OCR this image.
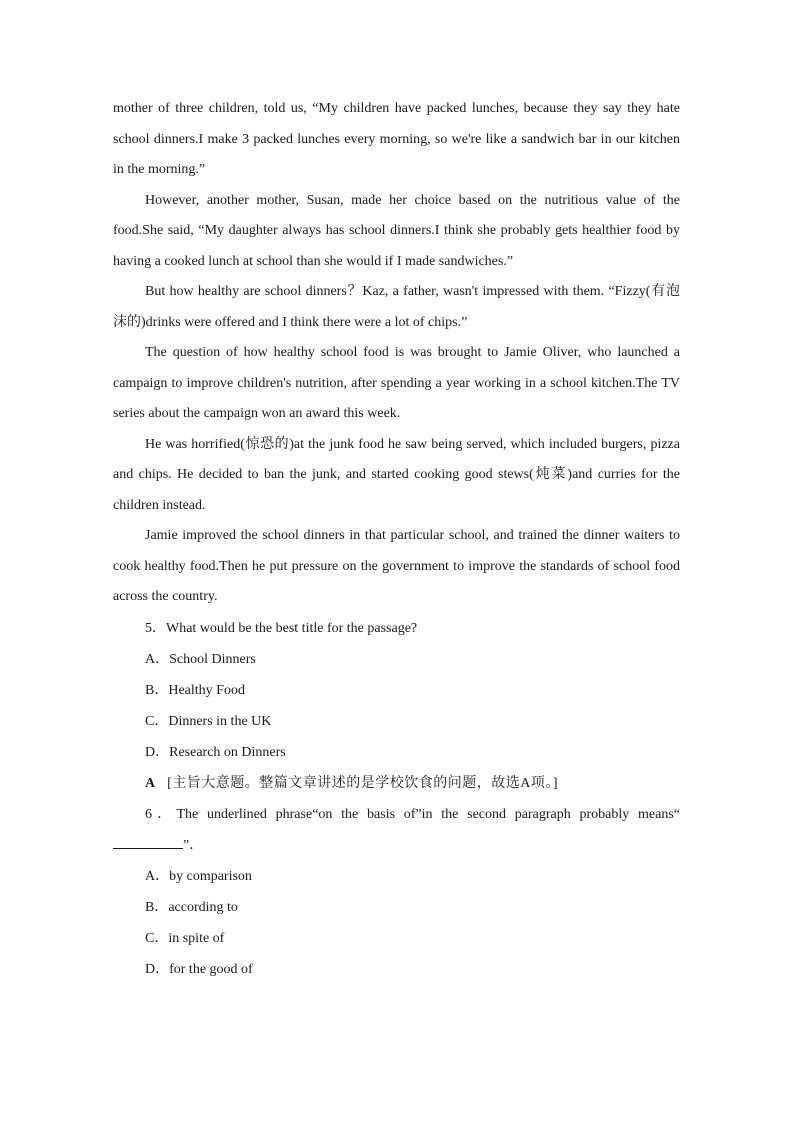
mother of three children, told us, “My children have packed lunches, because they say they hate school dinners.I make 3 packed lunches every morning, so we're like a sandwich bar in our kitchen in the morning.”

However, another mother, Susan, made her choice based on the nutritious value of the food.She said, “My daughter always has school dinners.I think she probably gets healthier food by having a cooked lunch at school than she would if I made sandwiches.”

But how healthy are school dinners？Kaz, a father, wasn't impressed with them. “Fizzy(有泡沫的)drinks were offered and I think there were a lot of chips.”

The question of how healthy school food is was brought to Jamie Oliver, who launched a campaign to improve children's nutrition, after spending a year working in a school kitchen.The TV series about the campaign won an award this week.

He was horrified(惊恐的)at the junk food he saw being served, which included burgers, pizza and chips. He decided to ban the junk, and started cooking good stews(炖菜)and curries for the children instead.

Jamie improved the school dinners in that particular school, and trained the dinner waiters to cook healthy food.Then he put pressure on the government to improve the standards of school food across the country.

5．What would be the best title for the passage?

A．School Dinners

B．Healthy Food

C．Dinners in the UK

D．Research on Dinners

A [主旨大意题。整篇文章讲述的是学校饮食的问题，故选A项。]

6．The underlined phrase“on the basis of”in the second paragraph probably means“”．

A．by comparison

B．according to

C．in spite of

D．for the good of
